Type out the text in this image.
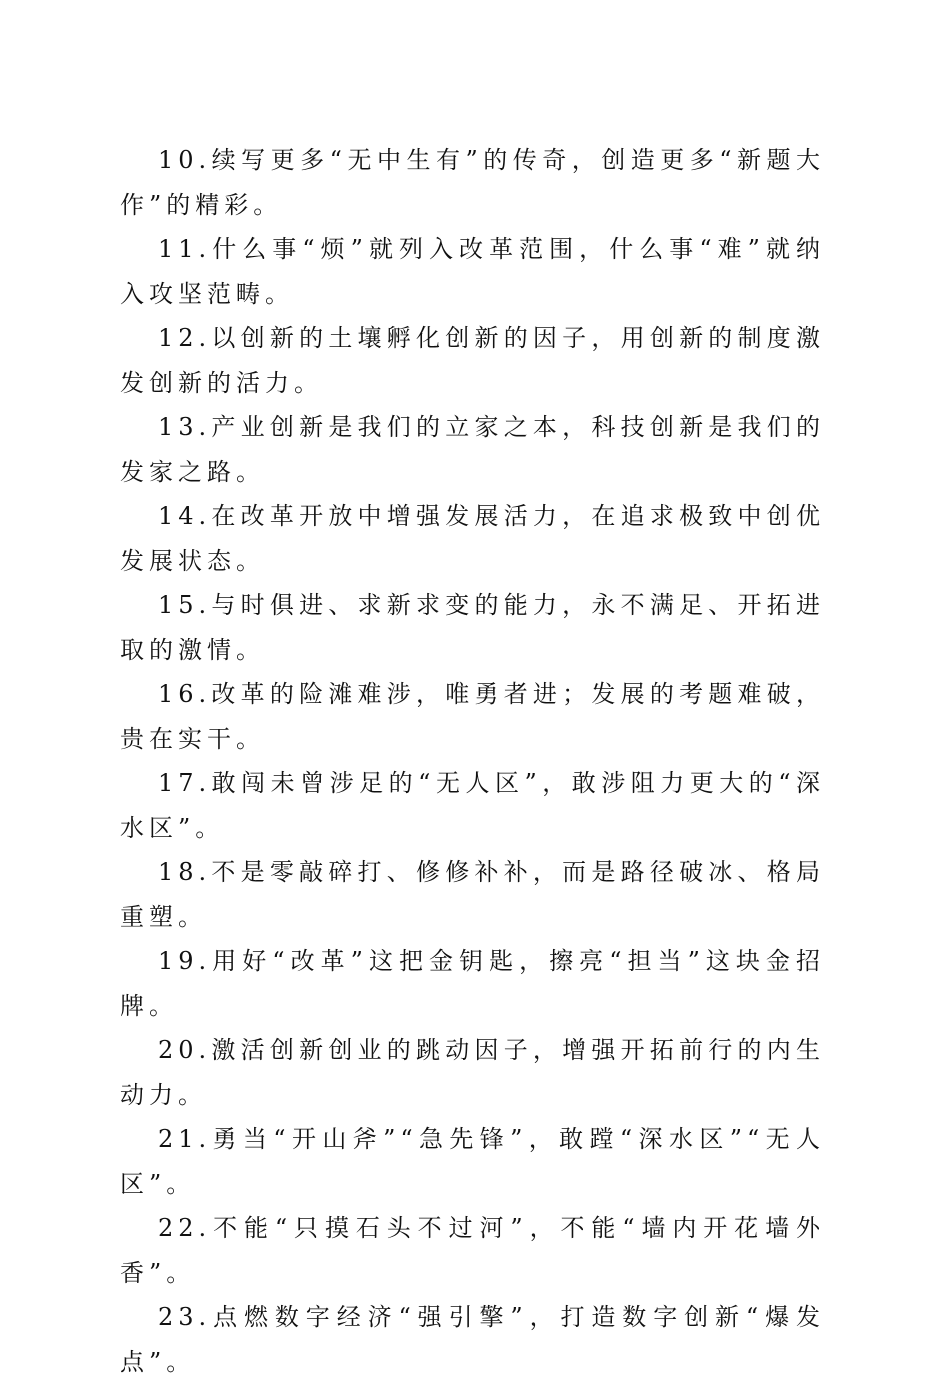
10.续写更多“无中生有”的传奇，创造更多“新题大作”的精彩。

11.什么事“烦”就列入改革范围，什么事“难”就纳入攻坚范畴。

12.以创新的土壤孵化创新的因子，用创新的制度激发创新的活力。

13.产业创新是我们的立家之本，科技创新是我们的发家之路。

14.在改革开放中增强发展活力，在追求极致中创优发展状态。

15.与时俱进、求新求变的能力，永不满足、开拓进取的激情。

16.改革的险滩难涉，唯勇者进；发展的考题难破，贵在实干。

17.敢闯未曾涉足的“无人区”，敢涉阻力更大的“深水区”。

18.不是零敲碎打、修修补补，而是路径破冰、格局重塑。

19.用好“改革”这把金钥匙，擦亮“担当”这块金招牌。

20.激活创新创业的跳动因子，增强开拓前行的内生动力。

21.勇当“开山斧”“急先锋”，敢蹚“深水区”“无人区”。

22.不能“只摸石头不过河”，不能“墙内开花墙外香”。

23.点燃数字经济“强引擎”，打造数字创新“爆发点”。
